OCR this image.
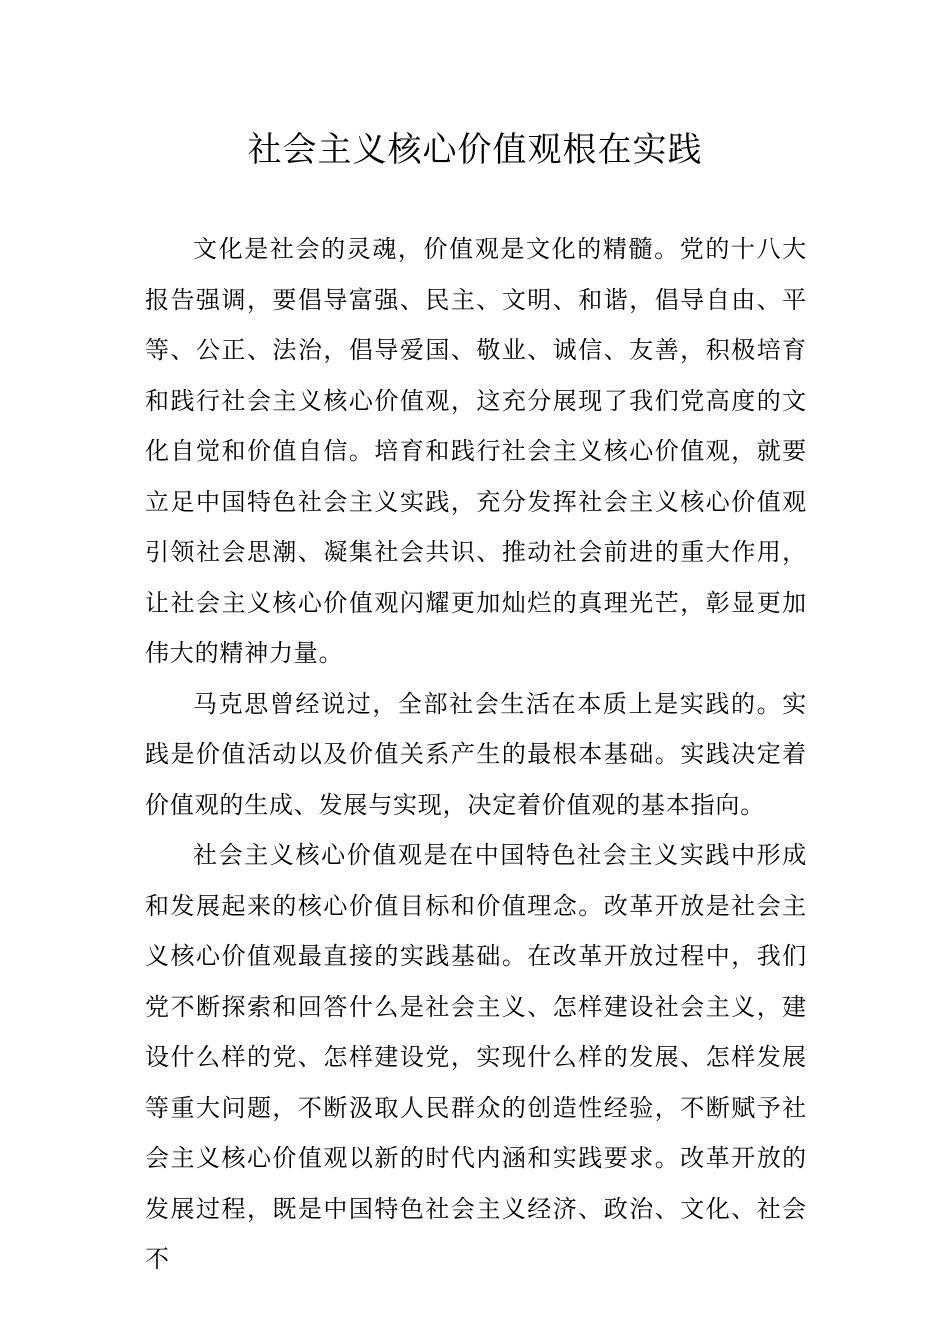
社会主义核心价值观根在实践

文化是社会的灵魂，价值观是文化的精髓。党的十八大报告强调，要倡导富强、民主、文明、和谐，倡导自由、平等、公正、法治，倡导爱国、敬业、诚信、友善，积极培育和践行社会主义核心价值观，这充分展现了我们党高度的文化自觉和价值自信。培育和践行社会主义核心价值观，就要立足中国特色社会主义实践，充分发挥社会主义核心价值观引领社会思潮、凝集社会共识、推动社会前进的重大作用，让社会主义核心价值观闪耀更加灿烂的真理光芒，彰显更加伟大的精神力量。

马克思曾经说过，全部社会生活在本质上是实践的。实践是价值活动以及价值关系产生的最根本基础。实践决定着价值观的生成、发展与实现，决定着价值观的基本指向。

社会主义核心价值观是在中国特色社会主义实践中形成和发展起来的核心价值目标和价值理念。改革开放是社会主义核心价值观最直接的实践基础。在改革开放过程中，我们党不断探索和回答什么是社会主义、怎样建设社会主义，建设什么样的党、怎样建设党，实现什么样的发展、怎样发展等重大问题，不断汲取人民群众的创造性经验，不断赋予社会主义核心价值观以新的时代内涵和实践要求。改革开放的发展过程，既是中国特色社会主义经济、政治、文化、社会不
